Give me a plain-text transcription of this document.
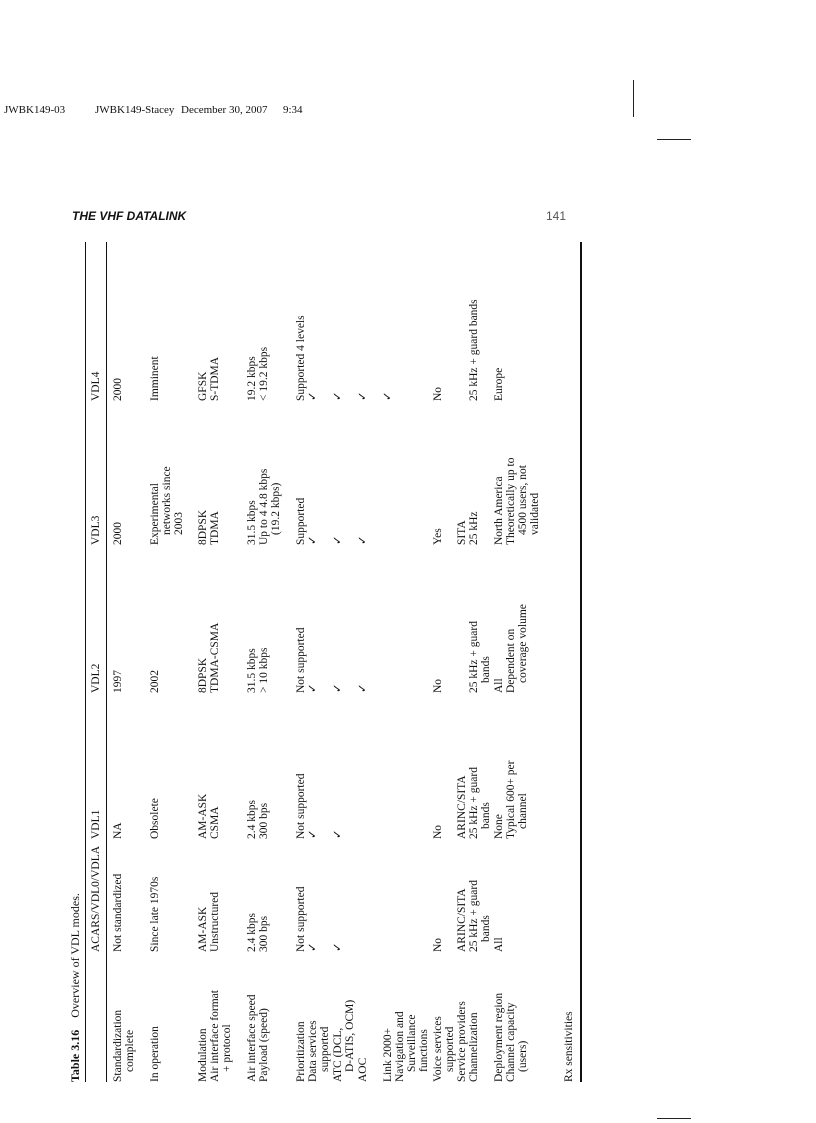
JWBK149-03	JWBK149-Stacey December 30, 2007 9:34
THE VHF DATALINK	141
Table 3.16    Overview of VDL modes. ACARS/VDL0/VDLA
VDL1
VDL2
VDL3
VDL4
Standardization complete
Not standardized
NA
1997
2000
2000
In operation
Since late 1970s
Obsolete
2002
Experimental networks since 2003
Imminent
Modulation
AM-ASK
AM-ASK
8DPSK
8DPSK
GFSK
Air interface format + protocol
Unstructured
CSMA
TDMA-CSMA
TDMA
S-TDMA
Air interface speed
2.4 kbps
2.4 kbps
31.5 kbps
31.5 kbps
19.2 kbps
Payload (speed)
300 bps
300 bps
> 10 kbps
Up to 4 4.8 kbps (19.2 kbps)
< 19.2 kbps
Prioritization
Not supported
Not supported
Not supported
Supported
Supported 4 levels
Data services supported
✓
✓
✓
✓
✓
ATC (DCL, D-ATIS, OCM)
✓
✓
✓
✓
✓
AOC
✓
✓
✓
Link 2000+
✓
Navigation and Surveillance functions Voice services supported
No
No
No
Yes
No
Service providers
ARINC/SITA
ARINC/SITA
SITA
Channelization
25 kHz + guard bands
25 kHz + guard bands
25 kHz + guard bands
25 kHz
25 kHz + guard bands
Deployment region
All
None
All
North America
Europe
Channel capacity (users)
Typical 600+ per channel
Dependent on coverage volume
Theoretically up to 4500 users, not validated
Rx sensitivities
